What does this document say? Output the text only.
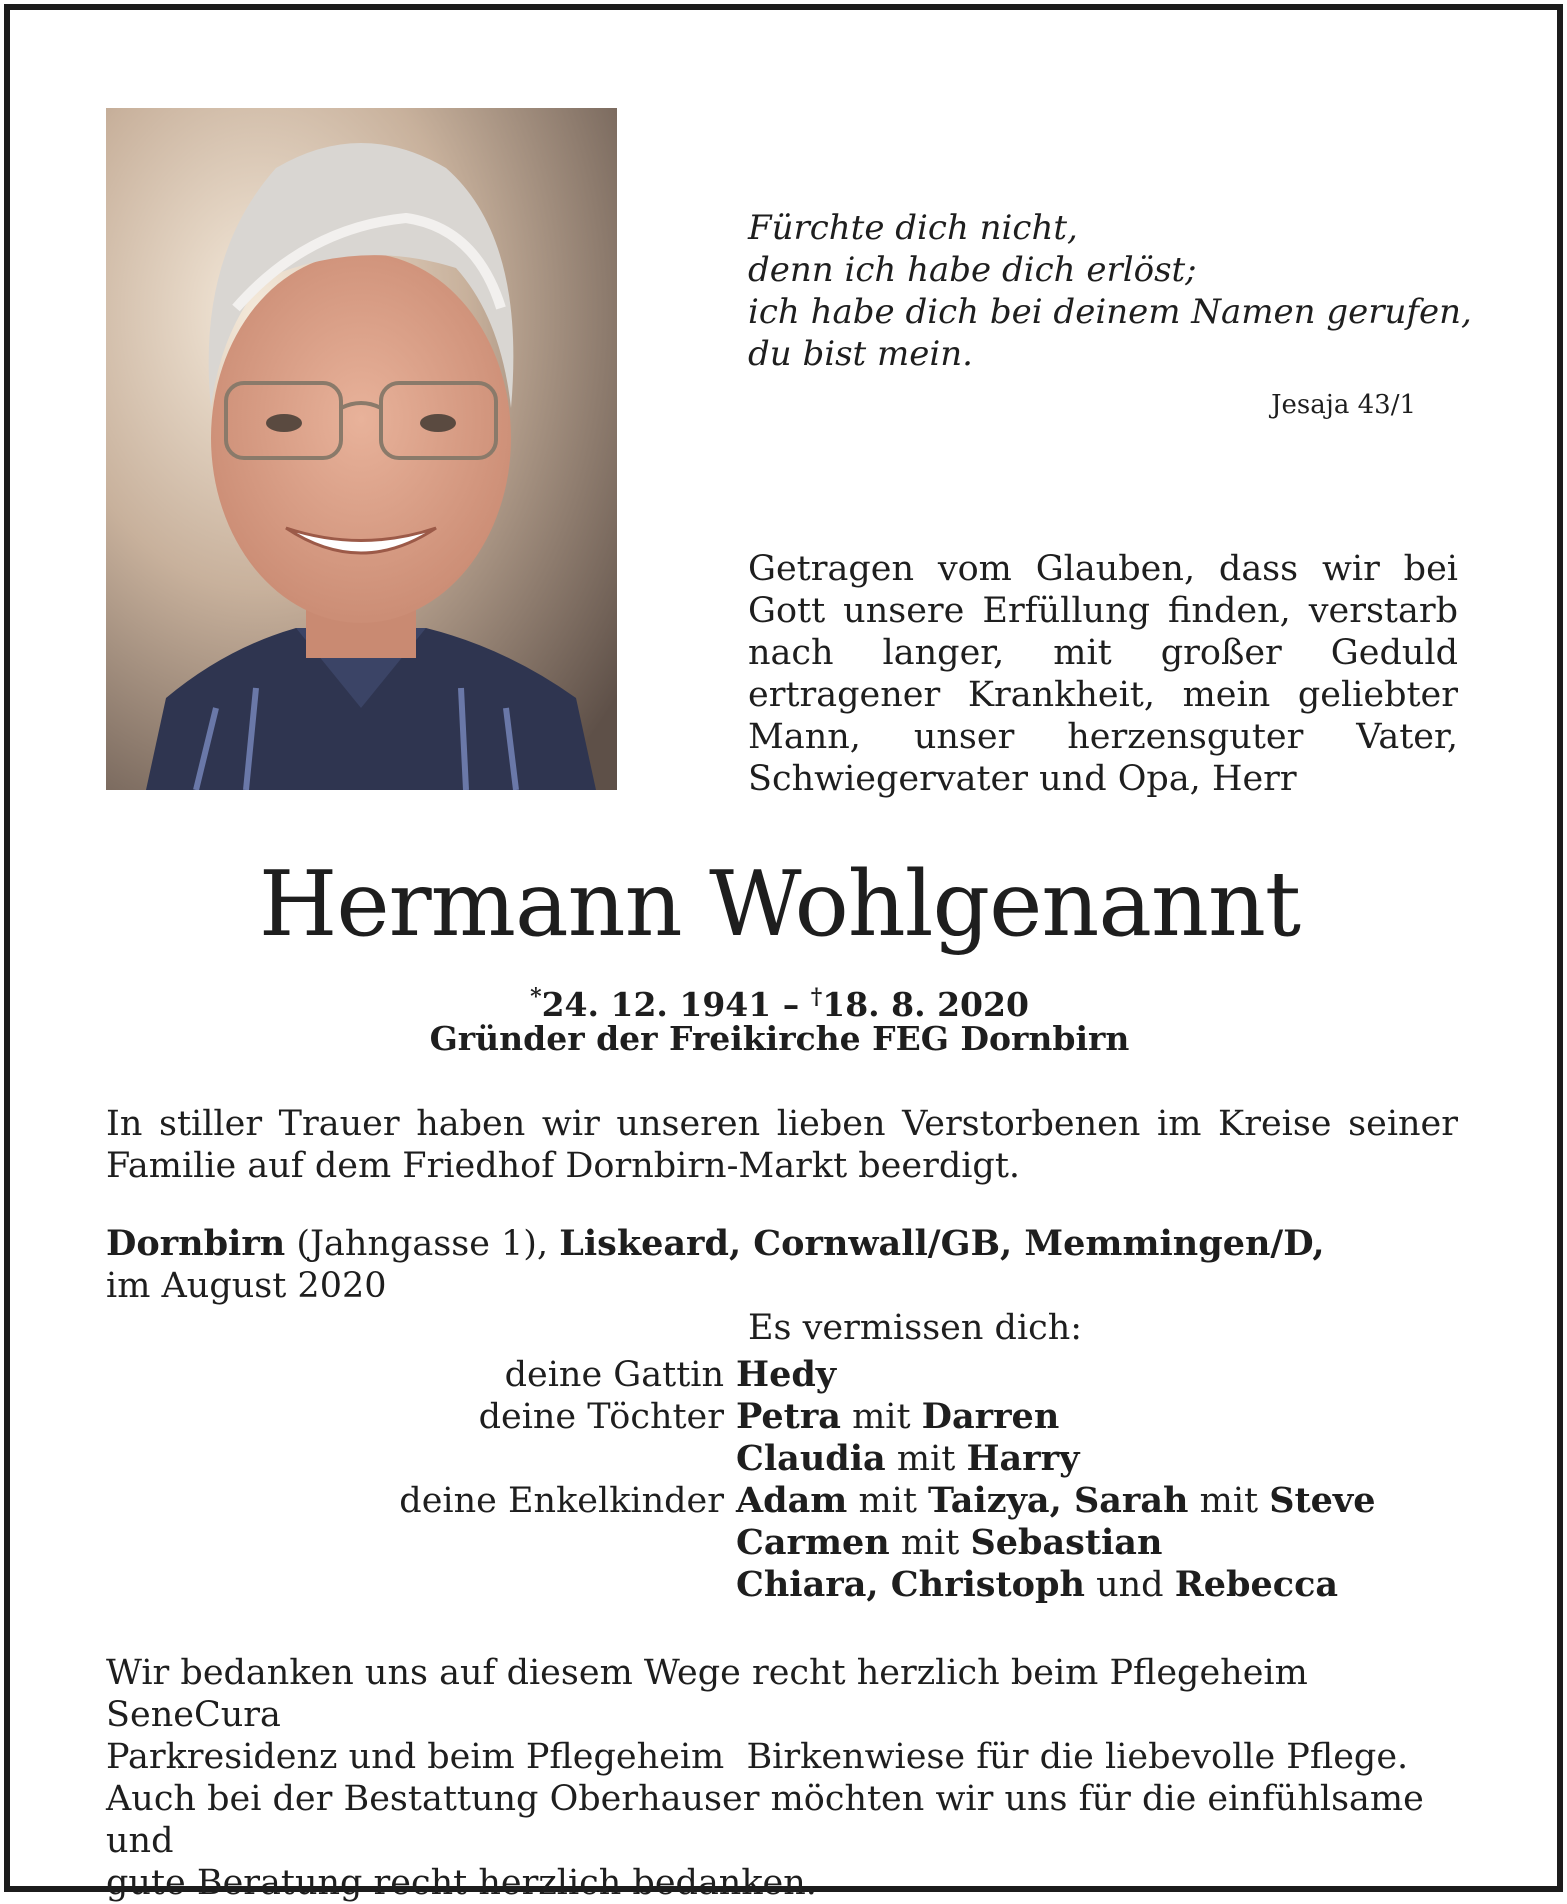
Fürchte dich nicht,
denn ich habe dich erlöst;
ich habe dich bei deinem Namen gerufen,
du bist mein.
Jesaja 43/1

Getragen vom Glauben, dass wir bei Gott unsere Erfüllung finden, verstarb nach langer, mit großer Geduld ertragener Krankheit, mein geliebter Mann, unser herzensguter Vater, Schwiegervater und Opa, Herr

Hermann Wohlgenannt
*24. 12. 1941 – †18. 8. 2020
Gründer der Freikirche FEG Dornbirn
In stiller Trauer haben wir unseren lieben Verstorbenen im Kreise seiner Familie auf dem Friedhof Dornbirn-Markt beerdigt.
Dornbirn (Jahngasse 1), Liskeard, Cornwall/GB, Memmingen/D,
im August 2020
Es vermissen dich:
deine Gattin Hedy
deine Töchter Petra mit Darren
Claudia mit Harry
deine Enkelkinder Adam mit Taizya, Sarah mit Steve
Carmen mit Sebastian
Chiara, Christoph und Rebecca
Wir bedanken uns auf diesem Wege recht herzlich beim Pflegeheim SeneCura
Parkresidenz und beim Pflegeheim  Birkenwiese für die liebevolle Pflege.
Auch bei der Bestattung Oberhauser möchten wir uns für die einfühlsame und
gute Beratung recht herzlich bedanken.
